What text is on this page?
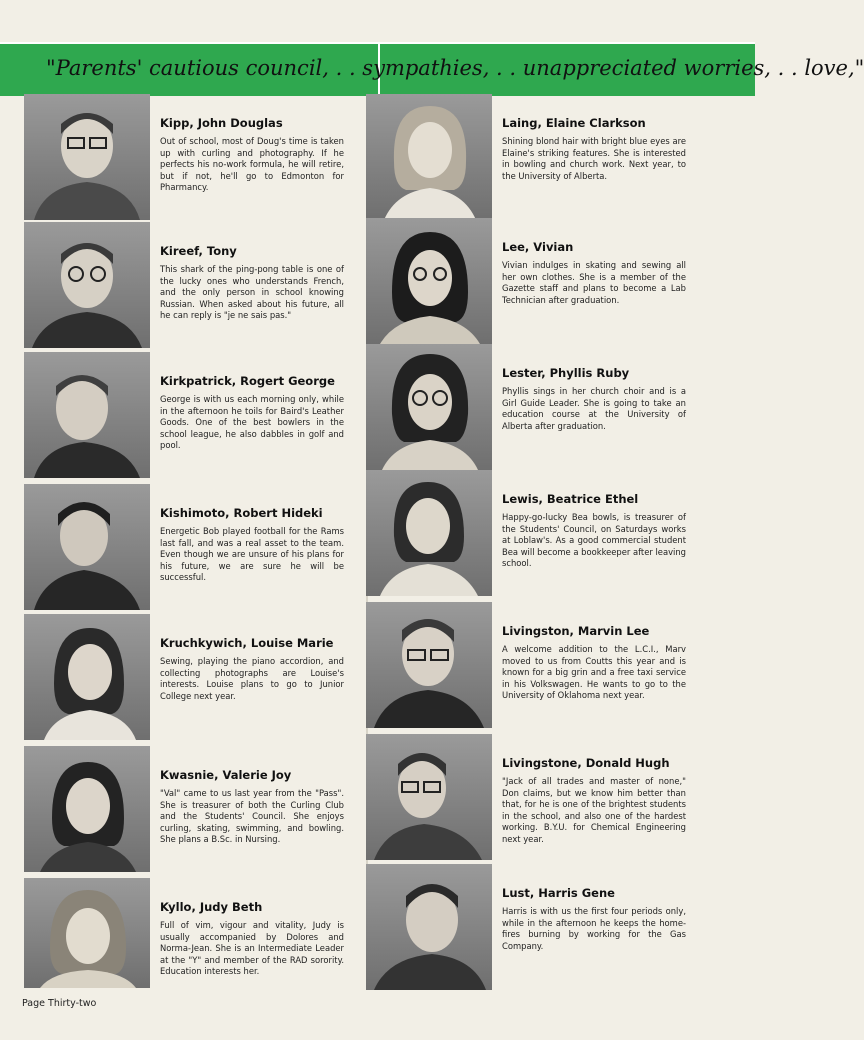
"Parents' cautious council, . . sympathies, . . unappreciated worries, . . love,"
Kipp, John Douglas
Out of school, most of Doug's time is taken up with curling and photography. If he perfects his no-work formula, he will retire, but if not, he'll go to Edmonton for Pharmancy.
Kireef, Tony
This shark of the ping-pong table is one of the lucky ones who understands French, and the only person in school knowing Russian. When asked about his future, all he can reply is "je ne sais pas."
Kirkpatrick, Rogert George
George is with us each morning only, while in the afternoon he toils for Baird's Leather Goods. One of the best bowlers in the school league, he also dabbles in golf and pool.
Kishimoto, Robert Hideki
Energetic Bob played football for the Rams last fall, and was a real asset to the team. Even though we are unsure of his plans for his future, we are sure he will be successful.
Kruchkywich, Louise Marie
Sewing, playing the piano accordion, and collecting photographs are Louise's interests. Louise plans to go to Junior College next year.
Kwasnie, Valerie Joy
"Val" came to us last year from the "Pass". She is treasurer of both the Curling Club and the Students' Council. She enjoys curling, skating, swimming, and bowling. She plans a B.Sc. in Nursing.
Kyllo, Judy Beth
Full of vim, vigour and vitality, Judy is usually accompanied by Dolores and Norma-Jean. She is an Intermediate Leader at the "Y" and member of the RAD sorority. Education interests her.
Laing, Elaine Clarkson
Shining blond hair with bright blue eyes are Elaine's striking features. She is interested in bowling and church work. Next year, to the University of Alberta.
Lee, Vivian
Vivian indulges in skating and sewing all her own clothes. She is a member of the Gazette staff and plans to become a Lab Technician after graduation.
Lester, Phyllis Ruby
Phyllis sings in her church choir and is a Girl Guide Leader. She is going to take an education course at the University of Alberta after graduation.
Lewis, Beatrice Ethel
Happy-go-lucky Bea bowls, is treasurer of the Students' Council, on Saturdays works at Loblaw's. As a good commercial student Bea will become a bookkeeper after leaving school.
Livingston, Marvin Lee
A welcome addition to the L.C.I., Marv moved to us from Coutts this year and is known for a big grin and a free taxi service in his Volkswagen. He wants to go to the University of Oklahoma next year.
Livingstone, Donald Hugh
"Jack of all trades and master of none," Don claims, but we know him better than that, for he is one of the brightest students in the school, and also one of the hardest working. B.Y.U. for Chemical Engineering next year.
Lust, Harris Gene
Harris is with us the first four periods only, while in the afternoon he keeps the home-fires burning by working for the Gas Company.
Page Thirty-two
